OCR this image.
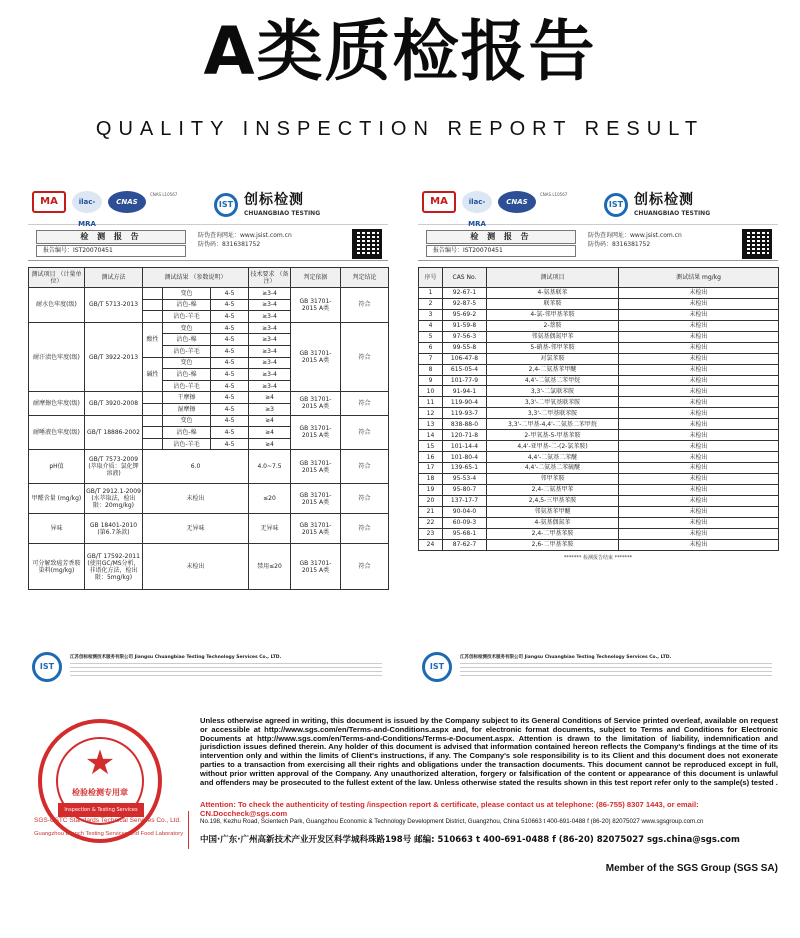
A类质检报告
QUALITY INSPECTION REPORT RESULT
MA	ilac-MRA
CNAS
CNAS L10567
IST 创标检测
CHUANGBIAO TESTING
检 测 报 告
报告编号：IST20070451
防伪查询网址：www.jsist.com.cn
防伪码：8316381752
测试项目 （计量单位）	测试方法	测试结果 （参数说明）			技术要求 （备注）	判定依据	判定结论
耐水色牢度(级)	GB/T 5713-2013		变色	4-5	≥3-4	GB 31701-2015 A类	符合
			沾色-棉	4-5	≥3-4		
			沾色-羊毛	4-5	≥3-4		
耐汗渍色牢度(级)	GB/T 3922-2013	酸性	变色	4-5	≥3-4	GB 31701-2015 A类	符合
			沾色-棉	4-5	≥3-4		
			沾色-羊毛	4-5	≥3-4		
		碱性	变色	4-5	≥3-4		
			沾色-棉	4-5	≥3-4		
			沾色-羊毛	4-5	≥3-4		
耐摩擦色牢度(级)	GB/T 3920-2008		干摩擦	4-5	≥4	GB 31701-2015 A类	符合
			湿摩擦	4-5	≥3		
耐唾液色牢度(级)	GB/T 18886-2002		变色	4-5	≥4	GB 31701-2015 A类	符合
			沾色-棉	4-5	≥4		
			沾色-羊毛	4-5	≥4		
pH值	GB/T 7573-2009 (萃取介质：氯化钾溶液)	6.0			4.0~7.5	GB 31701-2015 A类	符合
甲醛含量 (mg/kg)	GB/T 2912.1-2009 (水萃取法，检出限：20mg/kg)	未检出			≤20	GB 31701-2015 A类	符合
异味	GB 18401-2010 (第6.7条款)	无异味			无异味	GB 31701-2015 A类	符合
可分解致癌芳香胺染料(mg/kg)	GB/T 17592-2011 (使用GC/MS分析，非谱化方法，检出限：5mg/kg)	未检出			禁用≤20	GB 31701-2015 A类	符合
MA	ilac-MRA
CNAS
CNAS L10567
IST 创标检测
CHUANGBIAO TESTING
检 测 报 告
报告编号：IST20070451
防伪查询网址：www.jsist.com.cn
防伪码：8316381752
序号	CAS No.	测试项目	测试结果 mg/kg
1	92-67-1	4-氨基联苯	未检出
2	92-87-5	联苯胺	未检出
3	95-69-2	4-氯-邻甲基苯胺	未检出
4	91-59-8	2-萘胺	未检出
5	97-56-3	邻氨基偶氮甲苯	未检出
6	99-55-8	5-硝基-邻甲苯胺	未检出
7	106-47-8	对氯苯胺	未检出
8	615-05-4	2,4-二氨基苯甲醚	未检出
9	101-77-9	4,4'-二氨基二苯甲烷	未检出
10	91-94-1	3,3'-二氯联苯胺	未检出
11	119-90-4	3,3'-二甲氧基联苯胺	未检出
12	119-93-7	3,3'-二甲基联苯胺	未检出
13	838-88-0	3,3'-二甲基-4,4'-二氨基二苯甲烷	未检出
14	120-71-8	2-甲氧基-5-甲基苯胺	未检出
15	101-14-4	4,4'-亚甲基-二-(2-氯苯胺)	未检出
16	101-80-4	4,4'-二氨基二苯醚	未检出
17	139-65-1	4,4'-二氨基二苯硫醚	未检出
18	95-53-4	邻甲苯胺	未检出
19	95-80-7	2,4-二氨基甲苯	未检出
20	137-17-7	2,4,5-三甲基苯胺	未检出
21	90-04-0	邻氨基苯甲醚	未检出
22	60-09-3	4-氨基偶氮苯	未检出
23	95-68-1	2,4-二甲基苯胺	未检出
24	87-62-7	2,6-二甲基苯胺	未检出
******* 检测报告结束 *******
IST
江苏创标检测技术服务有限公司 Jiangsu Chuangbiao Testing Technology Services Co., LTD.
IST
江苏创标检测技术服务有限公司 Jiangsu Chuangbiao Testing Technology Services Co., LTD.
★
检验检测专用章
Inspection & Testing Services
Unless otherwise agreed in writing, this document is issued by the Company subject to its General Conditions of Service printed overleaf, available on request or accessible at http://www.sgs.com/en/Terms-and-Conditions.aspx and, for electronic format documents, subject to Terms and Conditions for Electronic Documents at http://www.sgs.com/en/Terms-and-Conditions/Terms-e-Document.aspx. Attention is drawn to the limitation of liability, indemnification and jurisdiction issues defined therein. Any holder of this document is advised that information contained hereon reflects the Company's findings at the time of its intervention only and within the limits of Client's instructions, if any. The Company's sole responsibility is to its Client and this document does not exonerate parties to a transaction from exercising all their rights and obligations under the transaction documents. This document cannot be reproduced except in full, without prior written approval of the Company. Any unauthorized alteration, forgery or falsification of the content or appearance of this document is unlawful and offenders may be prosecuted to the fullest extent of the law. Unless otherwise stated the results shown in this test report refer only to the sample(s) tested .
Attention: To check the authenticity of testing /inspection report & certificate, please contact us at telephone: (86-755) 8307 1443, or email: CN.Doccheck@sgs.com
SGS-CSTC Standards Technical Services Co., Ltd.
Guangzhou Branch Testing Services and Food Laboratory
No.198, Kezhu Road, Scientech Park, Guangzhou Economic & Technology Development District, Guangzhou, China 510663 t 400-691-0488 f (86-20) 82075027 www.sgsgroup.com.cn
中国·广东·广州高新技术产业开发区科学城科珠路198号 邮编: 510663 t 400-691-0488 f (86-20) 82075027 sgs.china@sgs.com
Member of the SGS Group (SGS SA)
